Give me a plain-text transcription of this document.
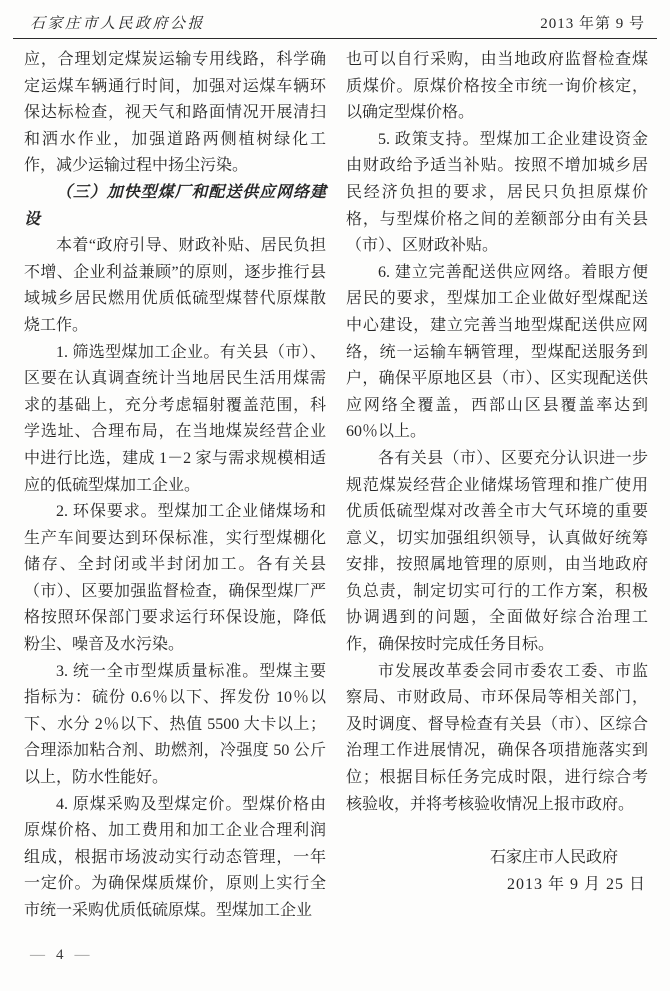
石家庄市人民政府公报	2013 年第 9 号

应，合理划定煤炭运输专用线路，科学确定运煤车辆通行时间，加强对运煤车辆环保达标检查，视天气和路面情况开展清扫和洒水作业，加强道路两侧植树绿化工作，减少运输过程中扬尘污染。

（三）加快型煤厂和配送供应网络建设

本着“政府引导、财政补贴、居民负担不增、企业利益兼顾”的原则，逐步推行县域城乡居民燃用优质低硫型煤替代原煤散烧工作。

1. 筛选型煤加工企业。有关县（市）、区要在认真调查统计当地居民生活用煤需求的基础上，充分考虑辐射覆盖范围，科学选址、合理布局，在当地煤炭经营企业中进行比选，建成 1－2 家与需求规模相适应的低硫型煤加工企业。

2. 环保要求。型煤加工企业储煤场和生产车间要达到环保标准，实行型煤棚化储存、全封闭或半封闭加工。各有关县（市）、区要加强监督检查，确保型煤厂严格按照环保部门要求运行环保设施，降低粉尘、噪音及水污染。

3. 统一全市型煤质量标准。型煤主要指标为：硫份 0.6％以下、挥发份 10％以下、水分 2％以下、热值 5500 大卡以上；合理添加粘合剂、助燃剂，冷强度 50 公斤以上，防水性能好。

4. 原煤采购及型煤定价。型煤价格由原煤价格、加工费用和加工企业合理利润组成，根据市场波动实行动态管理，一年一定价。为确保煤质煤价，原则上实行全市统一采购优质低硫原煤。型煤加工企业

也可以自行采购，由当地政府监督检查煤质煤价。原煤价格按全市统一询价核定，以确定型煤价格。

5. 政策支持。型煤加工企业建设资金由财政给予适当补贴。按照不增加城乡居民经济负担的要求，居民只负担原煤价格，与型煤价格之间的差额部分由有关县（市）、区财政补贴。

6. 建立完善配送供应网络。着眼方便居民的要求，型煤加工企业做好型煤配送中心建设，建立完善当地型煤配送供应网络，统一运输车辆管理，型煤配送服务到户，确保平原地区县（市）、区实现配送供应网络全覆盖，西部山区县覆盖率达到 60％以上。

各有关县（市）、区要充分认识进一步规范煤炭经营企业储煤场管理和推广使用优质低硫型煤对改善全市大气环境的重要意义，切实加强组织领导，认真做好统筹安排，按照属地管理的原则，由当地政府负总责，制定切实可行的工作方案，积极协调遇到的问题，全面做好综合治理工作，确保按时完成任务目标。

市发展改革委会同市委农工委、市监察局、市财政局、市环保局等相关部门，及时调度、督导检查有关县（市）、区综合治理工作进展情况，确保各项措施落实到位；根据目标任务完成时限，进行综合考核验收，并将考核验收情况上报市政府。

石家庄市人民政府
2013 年 9 月 25 日
— 4 —
